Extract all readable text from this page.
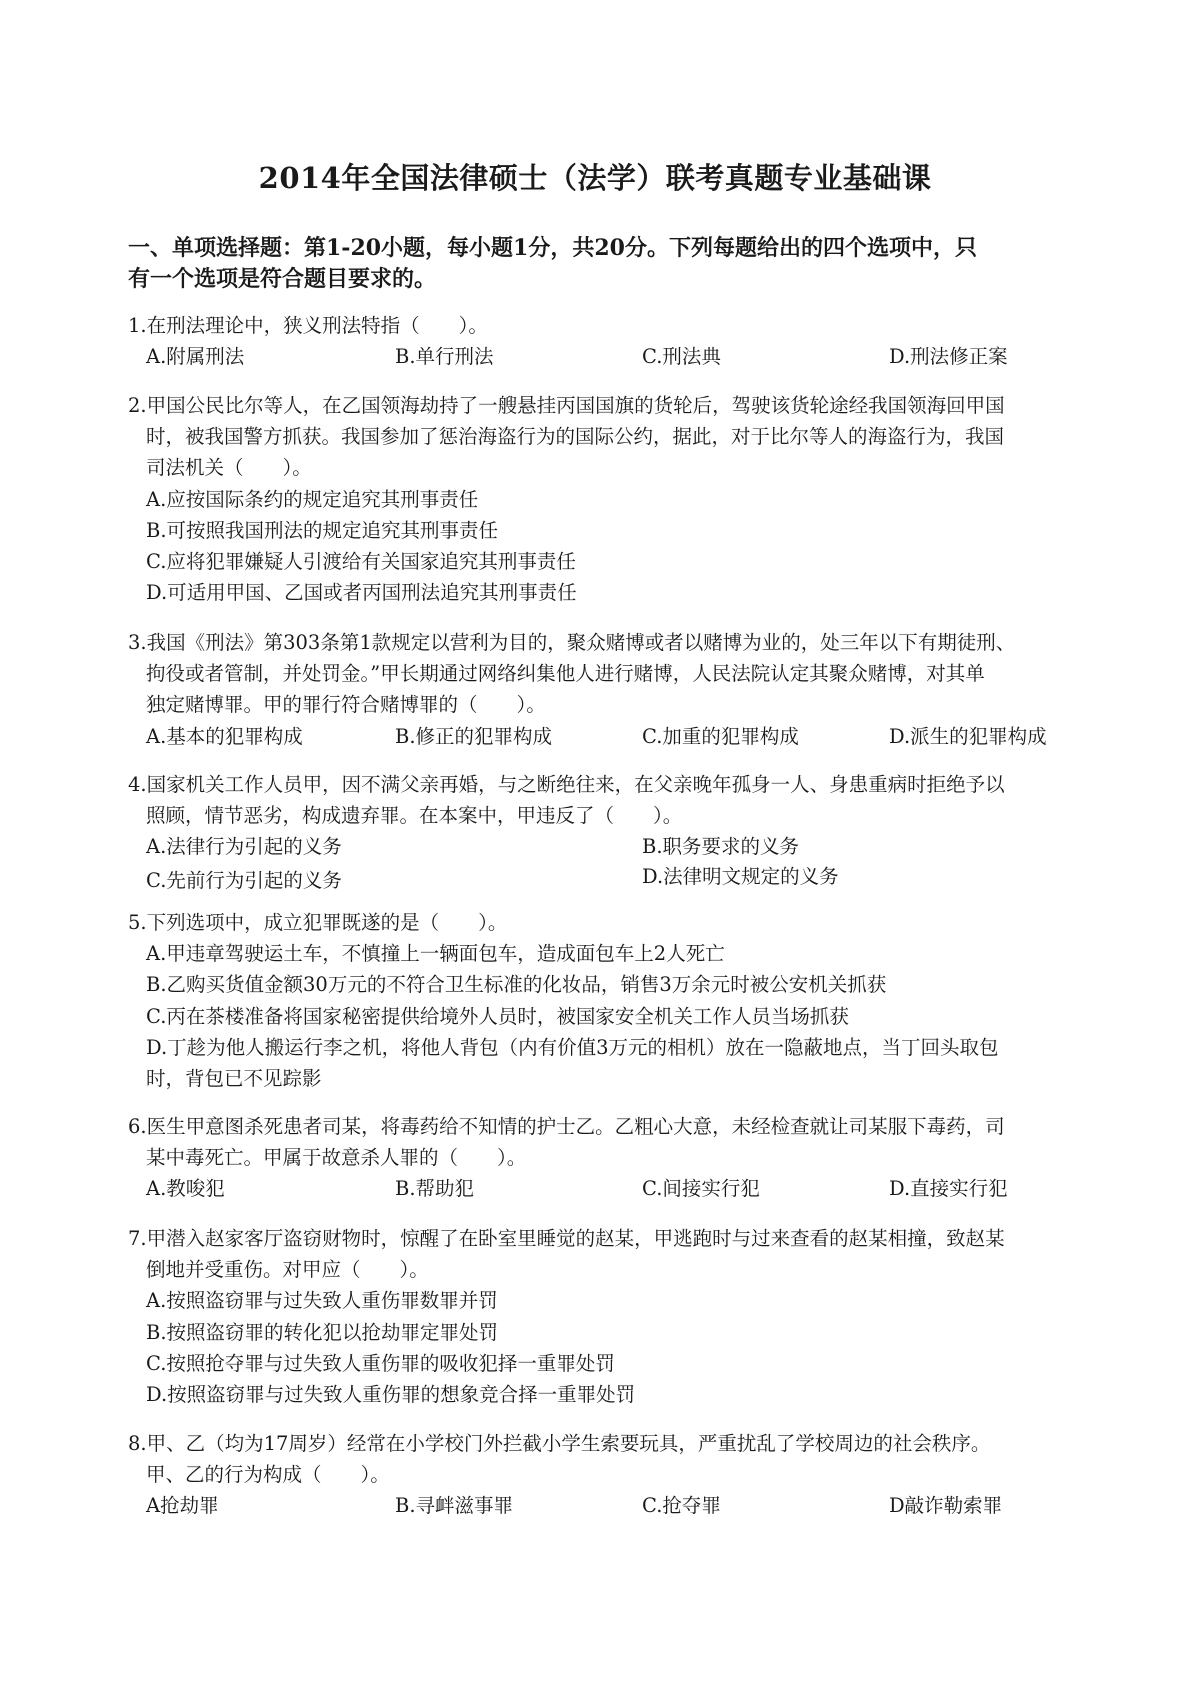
2014年全国法律硕士（法学）联考真题专业基础课
一、单项选择题：第1-20小题，每小题1分，共20分。下列每题给出的四个选项中，只
有一个选项是符合题目要求的。
1.在刑法理论中，狭义刑法特指（　　）。
A.附属刑法	B.单行刑法	C.刑法典	D.刑法修正案
2.甲国公民比尔等人，在乙国领海劫持了一艘悬挂丙国国旗的货轮后，驾驶该货轮途经我国领海回甲国
时，被我国警方抓获。我国参加了惩治海盗行为的国际公约，据此，对于比尔等人的海盗行为，我国
司法机关（　　）。
A.应按国际条约的规定追究其刑事责任
B.可按照我国刑法的规定追究其刑事责任
C.应将犯罪嫌疑人引渡给有关国家追究其刑事责任
D.可适用甲国、乙国或者丙国刑法追究其刑事责任
3.我国《刑法》第303条第1款规定以营利为目的，聚众赌博或者以赌博为业的，处三年以下有期徒刑、
拘役或者管制，并处罚金。”甲长期通过网络纠集他人进行赌博，人民法院认定其聚众赌博，对其单
独定赌博罪。甲的罪行符合赌博罪的（　　）。
A.基本的犯罪构成	B.修正的犯罪构成	C.加重的犯罪构成	D.派生的犯罪构成
4.国家机关工作人员甲，因不满父亲再婚，与之断绝往来，在父亲晚年孤身一人、身患重病时拒绝予以
照顾，情节恶劣，构成遗弃罪。在本案中，甲违反了（　　）。
A.法律行为引起的义务	B.职务要求的义务
C.先前行为引起的义务	D.法律明文规定的义务
5.下列选项中，成立犯罪既遂的是（　　）。
A.甲违章驾驶运土车，不慎撞上一辆面包车，造成面包车上2人死亡
B.乙购买货值金额30万元的不符合卫生标准的化妆品，销售3万余元时被公安机关抓获
C.丙在茶楼准备将国家秘密提供给境外人员时，被国家安全机关工作人员当场抓获
D.丁趁为他人搬运行李之机，将他人背包（内有价值3万元的相机）放在一隐蔽地点，当丁回头取包
时，背包已不见踪影
6.医生甲意图杀死患者司某，将毒药给不知情的护士乙。乙粗心大意，未经检查就让司某服下毒药，司
某中毒死亡。甲属于故意杀人罪的（　　）。
A.教唆犯	B.帮助犯	C.间接实行犯	D.直接实行犯
7.甲潜入赵家客厅盗窃财物时，惊醒了在卧室里睡觉的赵某，甲逃跑时与过来查看的赵某相撞，致赵某
倒地并受重伤。对甲应（　　）。
A.按照盗窃罪与过失致人重伤罪数罪并罚
B.按照盗窃罪的转化犯以抢劫罪定罪处罚
C.按照抢夺罪与过失致人重伤罪的吸收犯择一重罪处罚
D.按照盗窃罪与过失致人重伤罪的想象竞合择一重罪处罚
8.甲、乙（均为17周岁）经常在小学校门外拦截小学生索要玩具，严重扰乱了学校周边的社会秩序。
甲、乙的行为构成（　　）。
A抢劫罪	B.寻衅滋事罪	C.抢夺罪	D敲诈勒索罪
